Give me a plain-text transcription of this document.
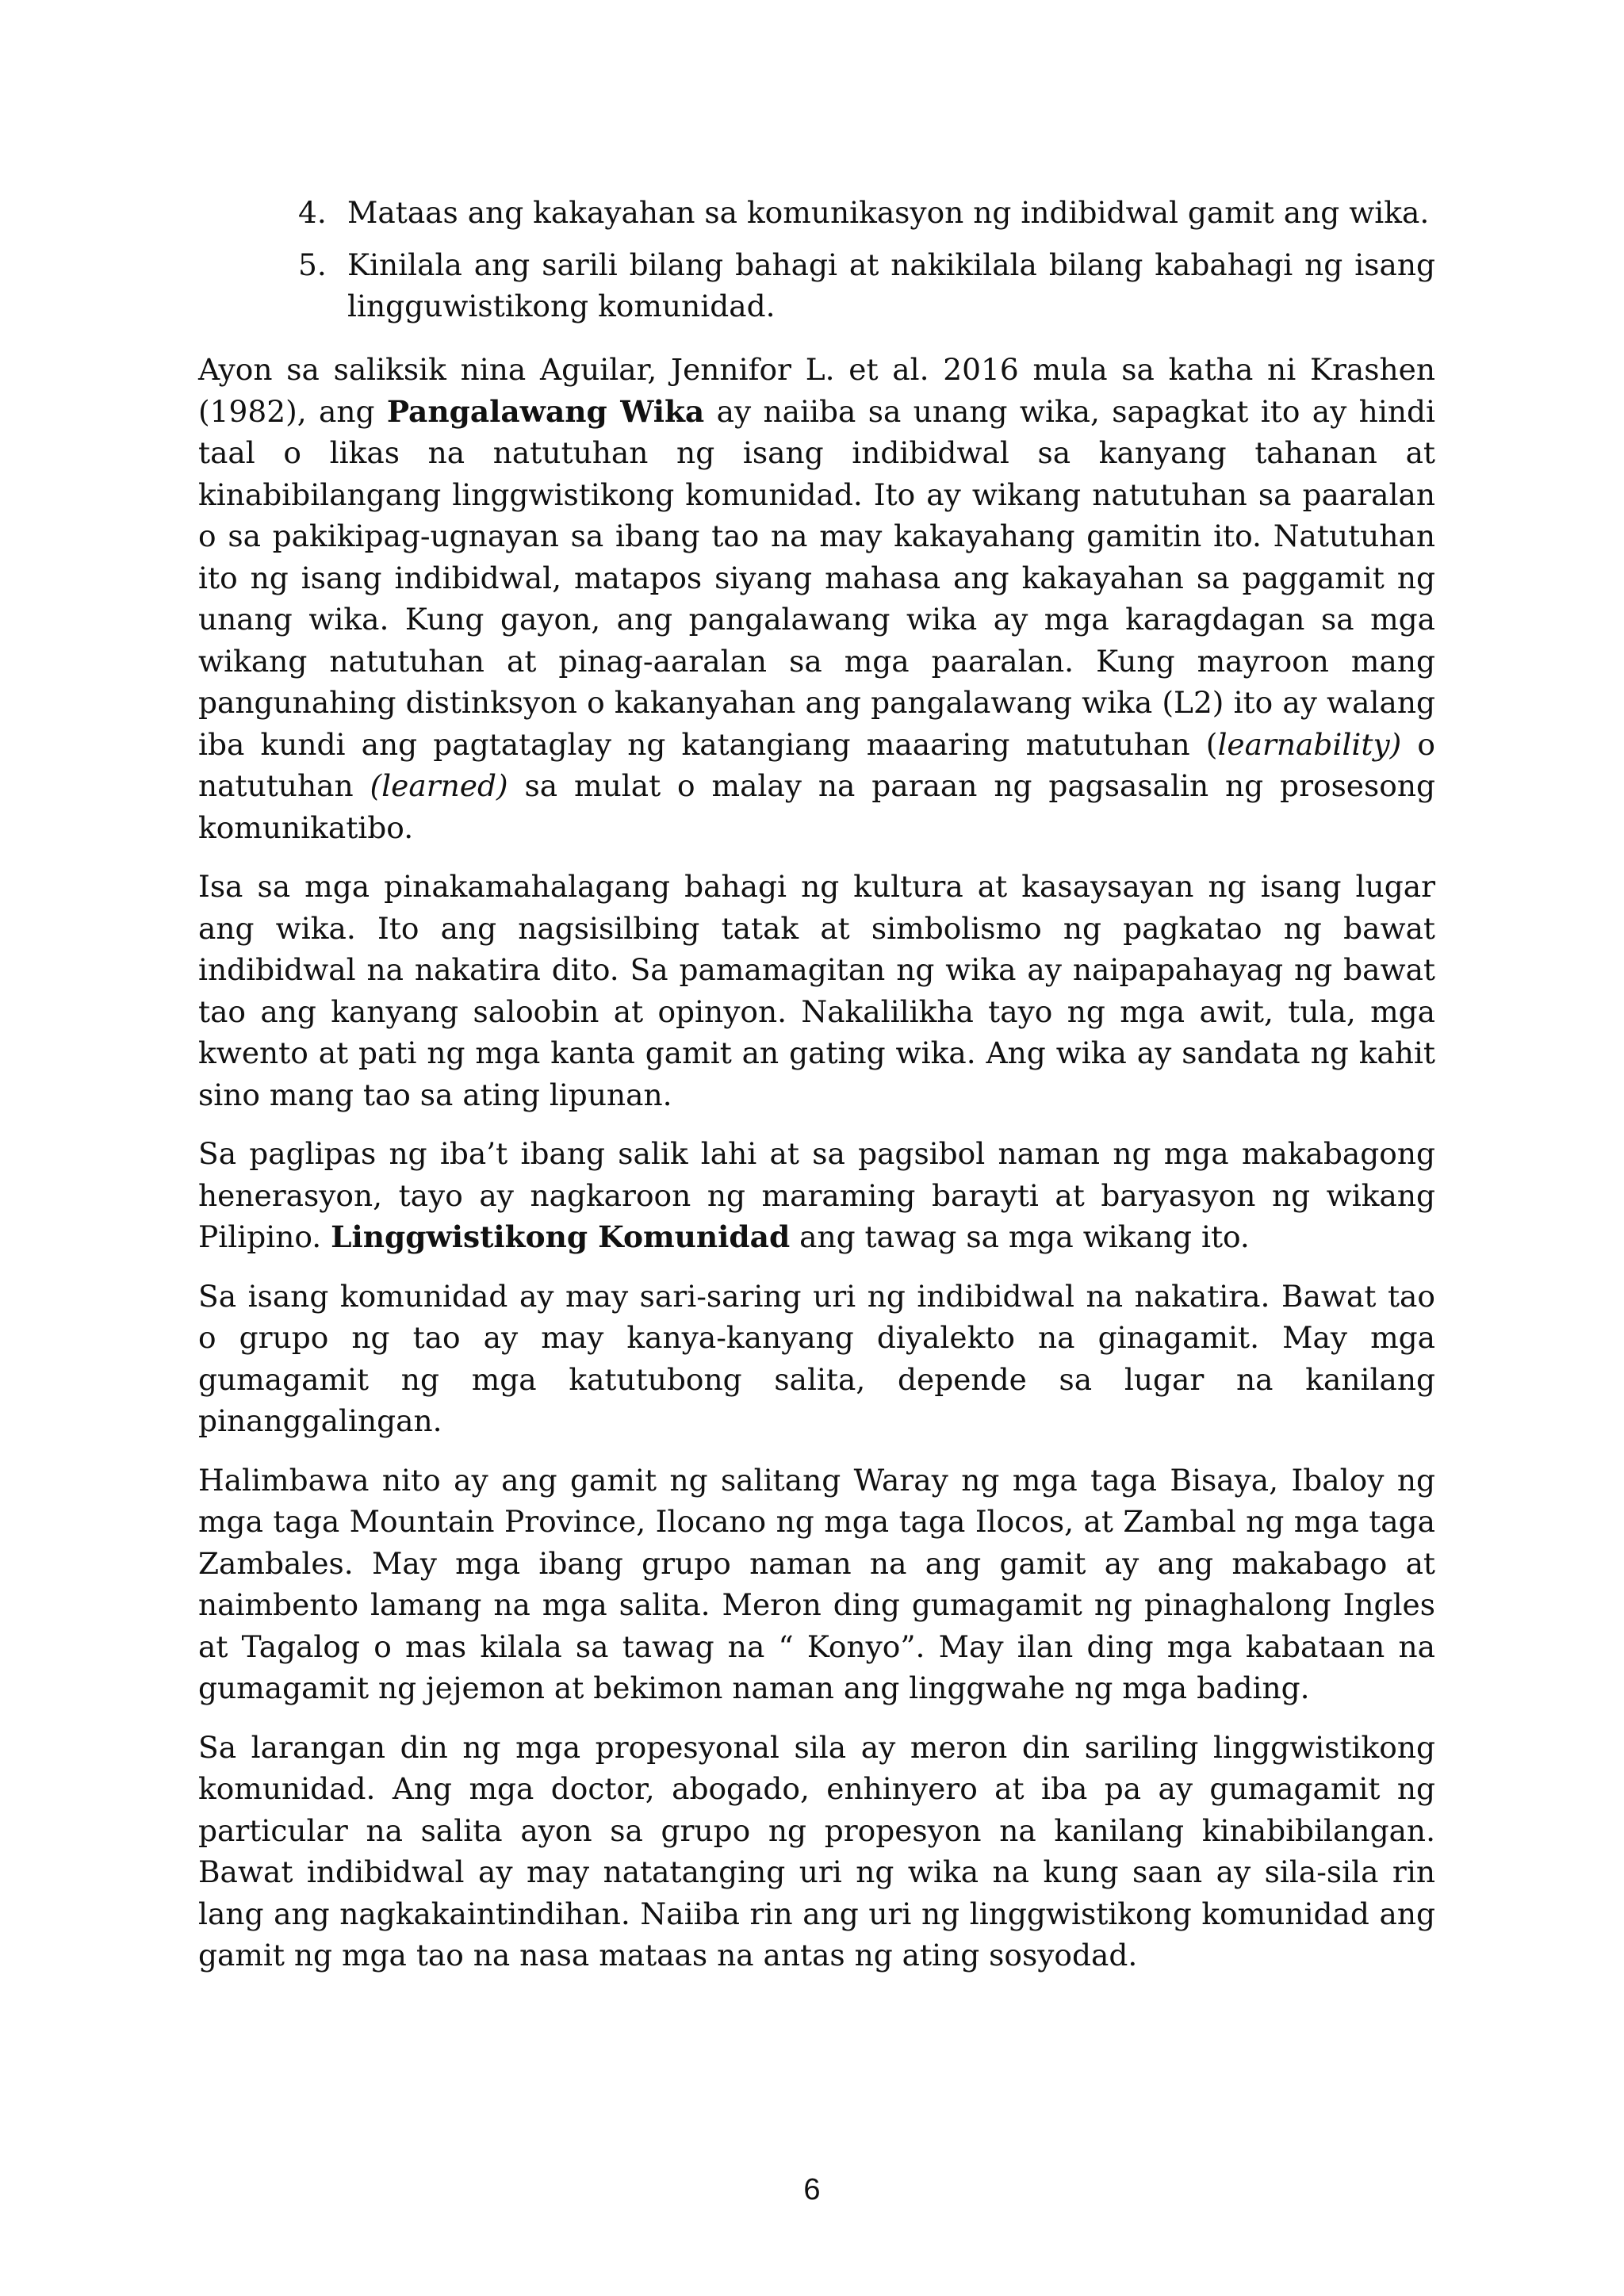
4. Mataas ang kakayahan sa komunikasyon ng indibidwal gamit ang wika.
5. Kinilala ang sarili bilang bahagi at nakikilala bilang kabahagi ng isang lingguwistikong komunidad.

Ayon sa saliksik nina Aguilar, Jennifor L. et al. 2016 mula sa katha ni Krashen (1982), ang Pangalawang Wika ay naiiba sa unang wika, sapagkat ito ay hindi taal o likas na natutuhan ng isang indibidwal sa kanyang tahanan at kinabibilangang linggwistikong komunidad. Ito ay wikang natutuhan sa paaralan o sa pakikipag-ugnayan sa ibang tao na may kakayahang gamitin ito. Natutuhan ito ng isang indibidwal, matapos siyang mahasa ang kakayahan sa paggamit ng unang wika. Kung gayon, ang pangalawang wika ay mga karagdagan sa mga wikang natutuhan at pinag-aaralan sa mga paaralan. Kung mayroon mang pangunahing distinksyon o kakanyahan ang pangalawang wika (L2) ito ay walang iba kundi ang pagtataglay ng katangiang maaaring matutuhan (learnability) o natutuhan (learned) sa mulat o malay na paraan ng pagsasalin ng prosesong komunikatibo.

Isa sa mga pinakamahalagang bahagi ng kultura at kasaysayan ng isang lugar ang wika. Ito ang nagsisilbing tatak at simbolismo ng pagkatao ng bawat indibidwal na nakatira dito. Sa pamamagitan ng wika ay naipapahayag ng bawat tao ang kanyang saloobin at opinyon. Nakalilikha tayo ng mga awit, tula, mga kwento at pati ng mga kanta gamit an gating wika. Ang wika ay sandata ng kahit sino mang tao sa ating lipunan.

Sa paglipas ng iba’t ibang salik lahi at sa pagsibol naman ng mga makabagong henerasyon, tayo ay nagkaroon ng maraming barayti at baryasyon ng wikang Pilipino. Linggwistikong Komunidad ang tawag sa mga wikang ito.

Sa isang komunidad ay may sari-saring uri ng indibidwal na nakatira. Bawat tao o grupo ng tao ay may kanya-kanyang diyalekto na ginagamit. May mga gumagamit ng mga katutubong salita, depende sa lugar na kanilang pinanggalingan.

Halimbawa nito ay ang gamit ng salitang Waray ng mga taga Bisaya, Ibaloy ng mga taga Mountain Province, Ilocano ng mga taga Ilocos, at Zambal ng mga taga Zambales. May mga ibang grupo naman na ang gamit ay ang makabago at naimbento lamang na mga salita. Meron ding gumagamit ng pinaghalong Ingles at Tagalog o mas kilala sa tawag na “ Konyo”. May ilan ding mga kabataan na gumagamit ng jejemon at bekimon naman ang linggwahe ng mga bading.

Sa larangan din ng mga propesyonal sila ay meron din sariling linggwistikong komunidad. Ang mga doctor, abogado, enhinyero at iba pa ay gumagamit ng particular na salita ayon sa grupo ng propesyon na kanilang kinabibilangan. Bawat indibidwal ay may natatanging uri ng wika na kung saan ay sila-sila rin lang ang nagkakaintindihan. Naiiba rin ang uri ng linggwistikong komunidad ang gamit ng mga tao na nasa mataas na antas ng ating sosyodad.

6
